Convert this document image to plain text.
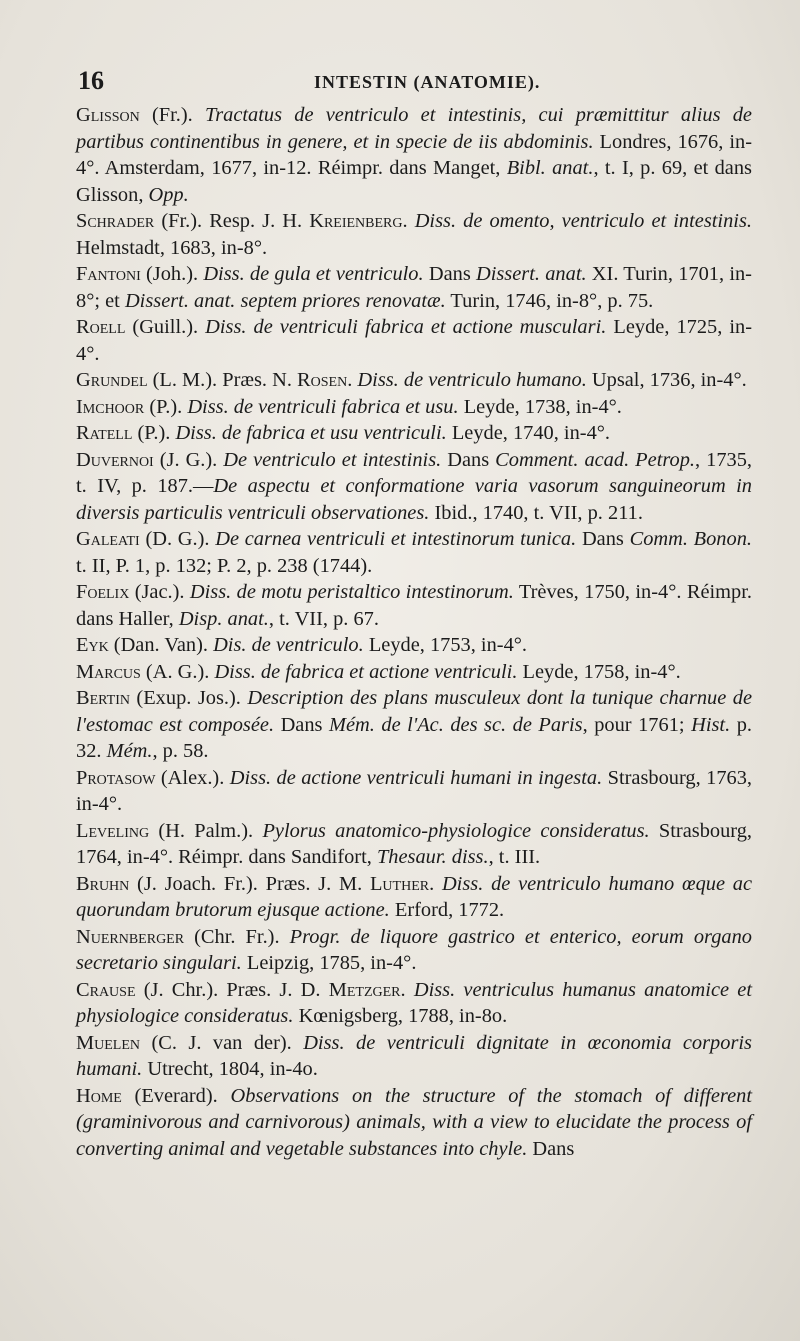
16	INTESTIN (ANATOMIE).

Glisson (Fr.). Tractatus de ventriculo et intestinis, cui præmittitur alius de partibus continentibus in genere, et in specie de iis abdominis. Londres, 1676, in-4°. Amsterdam, 1677, in-12. Réimpr. dans Manget, Bibl. anat., t. I, p. 69, et dans Glisson, Opp.

Schrader (Fr.). Resp. J. H. Kreienberg. Diss. de omento, ventriculo et intestinis. Helmstadt, 1683, in-8°.

Fantoni (Joh.). Diss. de gula et ventriculo. Dans Dissert. anat. XI. Turin, 1701, in-8°; et Dissert. anat. septem priores renovatæ. Turin, 1746, in-8°, p. 75.

Roell (Guill.). Diss. de ventriculi fabrica et actione musculari. Leyde, 1725, in-4°.

Grundel (L. M.). Præs. N. Rosen. Diss. de ventriculo humano. Upsal, 1736, in-4°.

Imchoor (P.). Diss. de ventriculi fabrica et usu. Leyde, 1738, in-4°.

Ratell (P.). Diss. de fabrica et usu ventriculi. Leyde, 1740, in-4°.

Duvernoi (J. G.). De ventriculo et intestinis. Dans Comment. acad. Petrop., 1735, t. IV, p. 187.—De aspectu et conformatione varia vasorum sanguineorum in diversis particulis ventriculi observationes. Ibid., 1740, t. VII, p. 211.

Galeati (D. G.). De carnea ventriculi et intestinorum tunica. Dans Comm. Bonon. t. II, P. 1, p. 132; P. 2, p. 238 (1744).

Foelix (Jac.). Diss. de motu peristaltico intestinorum. Trèves, 1750, in-4°. Réimpr. dans Haller, Disp. anat., t. VII, p. 67.

Eyk (Dan. Van). Dis. de ventriculo. Leyde, 1753, in-4°.

Marcus (A. G.). Diss. de fabrica et actione ventriculi. Leyde, 1758, in-4°.

Bertin (Exup. Jos.). Description des plans musculeux dont la tunique charnue de l'estomac est composée. Dans Mém. de l'Ac. des sc. de Paris, pour 1761; Hist. p. 32. Mém., p. 58.

Protasow (Alex.). Diss. de actione ventriculi humani in ingesta. Strasbourg, 1763, in-4°.

Leveling (H. Palm.). Pylorus anatomico-physiologice consideratus. Strasbourg, 1764, in-4°. Réimpr. dans Sandifort, Thesaur. diss., t. III.

Bruhn (J. Joach. Fr.). Præs. J. M. Luther. Diss. de ventriculo humano œque ac quorundam brutorum ejusque actione. Erford, 1772.

Nuernberger (Chr. Fr.). Progr. de liquore gastrico et enterico, eorum organo secretario singulari. Leipzig, 1785, in-4°.

Crause (J. Chr.). Præs. J. D. Metzger. Diss. ventriculus humanus anatomice et physiologice consideratus. Kœnigsberg, 1788, in-8o.

Muelen (C. J. van der). Diss. de ventriculi dignitate in œconomia corporis humani. Utrecht, 1804, in-4o.

Home (Everard). Observations on the structure of the stomach of different (graminivorous and carnivorous) animals, with a view to elucidate the process of converting animal and vegetable substances into chyle. Dans
